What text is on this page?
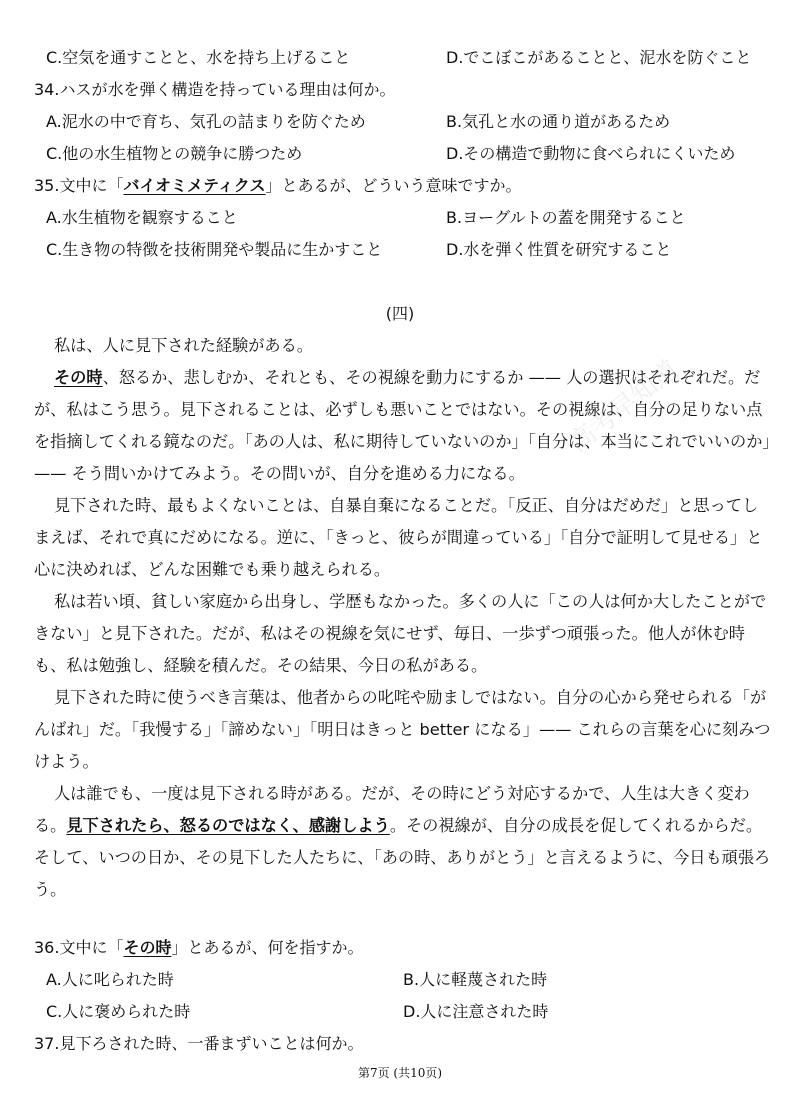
C.空気を通すことと、水を持ち上げること	D.でこぼこがあることと、泥水を防ぐこと
34.ハスが水を弾く構造を持っている理由は何か。
A.泥水の中で育ち、気孔の詰まりを防ぐため	B.気孔と水の通り道があるため
C.他の水生植物との競争に勝つため	D.その構造で動物に食べられにくいため
35.文中に「バイオミメティクス」とあるが、どういう意味ですか。
A.水生植物を観察すること	B.ヨーグルトの蓋を開発すること
C.生き物の特徴を技術開発や製品に生かすこと	D.水を弾く性質を研究すること
(四)

私は、人に見下された経験がある。

その時、怒るか、悲しむか、それとも、その視線を動力にするか —— 人の選択はそれぞれだ。だが、私はこう思う。見下されることは、必ずしも悪いことではない。その視線は、自分の足りない点を指摘してくれる鏡なのだ。「あの人は、私に期待していないのか」「自分は、本当にこれでいいのか」—— そう問いかけてみよう。その問いが、自分を進める力になる。

見下された時、最もよくないことは、自暴自棄になることだ。「反正、自分はだめだ」と思ってしまえば、それで真にだめになる。逆に、「きっと、彼らが間違っている」「自分で証明して見せる」と心に決めれば、どんな困難でも乗り越えられる。

私は若い頃、貧しい家庭から出身し、学歴もなかった。多くの人に「この人は何か大したことができない」と見下された。だが、私はその視線を気にせず、毎日、一歩ずつ頑張った。他人が休む時も、私は勉強し、経験を積んだ。その結果、今日の私がある。

見下された時に使うべき言葉は、他者からの叱咤や励ましではない。自分の心から発せられる「がんばれ」だ。「我慢する」「諦めない」「明日はきっと better になる」—— これらの言葉を心に刻みつけよう。

人は誰でも、一度は見下される時がある。だが、その時にどう対応するかで、人生は大きく変わる。見下されたら、怒るのではなく、感謝しよう。その視線が、自分の成長を促してくれるからだ。そして、いつの日か、その見下した人たちに、「あの時、ありがとう」と言えるように、今日も頑張ろう。

36.文中に「その時」とあるが、何を指すか。
A.人に叱られた時	B.人に軽蔑された時
C.人に褒められた時	D.人に注意された時
37.見下ろされた時、一番まずいことは何か。
第7页 (共10页)
高考早知道
